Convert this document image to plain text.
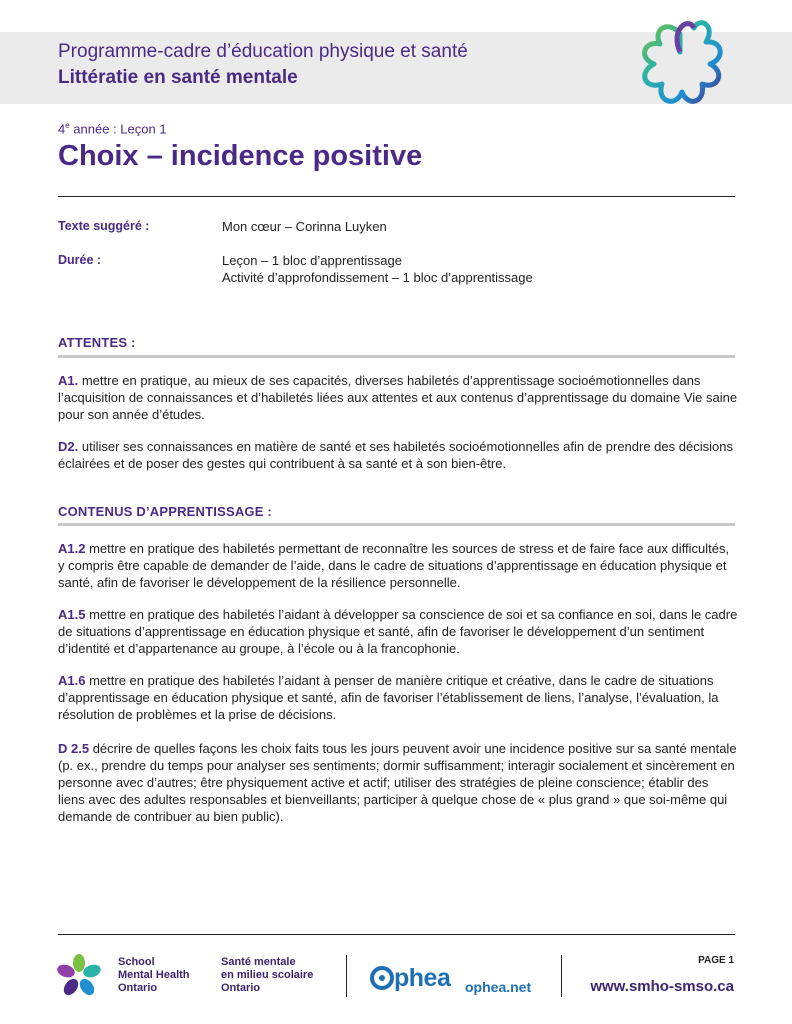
Programme-cadre d’éducation physique et santé
Littératie en santé mentale
4e année : Leçon 1
Choix – incidence positive
Texte suggéré :	Mon cœur – Corinna Luyken
Durée :	Leçon – 1 bloc d’apprentissage
Activité d’approfondissement – 1 bloc d’apprentissage
ATTENTES :
A1. mettre en pratique, au mieux de ses capacités, diverses habiletés d’apprentissage socioémotionnelles dans l’acquisition de connaissances et d’habiletés liées aux attentes et aux contenus d’apprentissage du domaine Vie saine pour son année d’études.
D2. utiliser ses connaissances en matière de santé et ses habiletés socioémotionnelles afin de prendre des décisions éclairées et de poser des gestes qui contribuent à sa santé et à son bien-être.
CONTENUS D’APPRENTISSAGE :
A1.2 mettre en pratique des habiletés permettant de reconnaître les sources de stress et de faire face aux difficultés, y compris être capable de demander de l’aide, dans le cadre de situations d’apprentissage en éducation physique et santé, afin de favoriser le développement de la résilience personnelle.
A1.5 mettre en pratique des habiletés l’aidant à développer sa conscience de soi et sa confiance en soi, dans le cadre de situations d’apprentissage en éducation physique et santé, afin de favoriser le développement d’un sentiment d’identité et d’appartenance au groupe, à l’école ou à la francophonie.
A1.6 mettre en pratique des habiletés l’aidant à penser de manière critique et créative, dans le cadre de situations d’apprentissage en éducation physique et santé, afin de favoriser l’établissement de liens, l’analyse, l’évaluation, la résolution de problèmes et la prise de décisions.
D 2.5 décrire de quelles façons les choix faits tous les jours peuvent avoir une incidence positive sur sa santé mentale (p. ex., prendre du temps pour analyser ses sentiments; dormir suffisamment; interagir socialement et sincèrement en personne avec d’autres; être physiquement active et actif; utiliser des stratégies de pleine conscience; établir des liens avec des adultes responsables et bienveillants; participer à quelque chose de « plus grand » que soi-même qui demande de contribuer au bien public).
School
Mental Health
Ontario
Santé mentale
en milieu scolaire
Ontario	phea ophea.net
PAGE 1
www.smho-smso.ca
